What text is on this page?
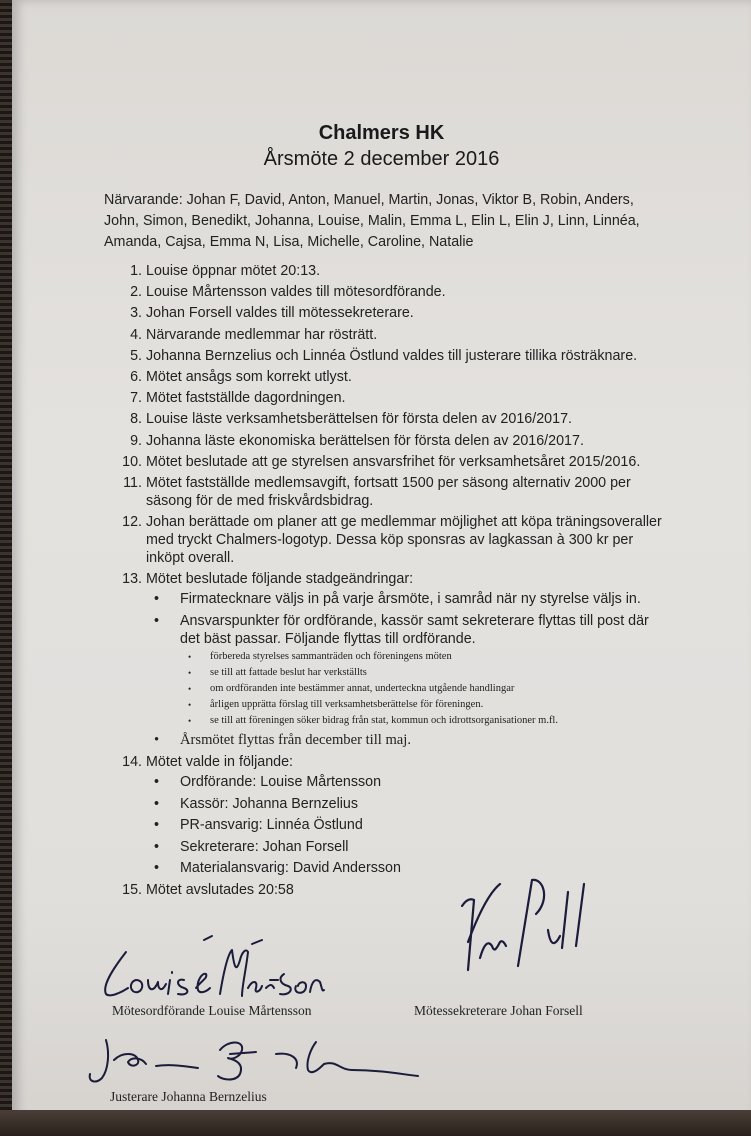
Chalmers HK
Årsmöte 2 december 2016
Närvarande: Johan F, David, Anton, Manuel, Martin, Jonas, Viktor B, Robin, Anders, John, Simon, Benedikt, Johanna, Louise, Malin, Emma L, Elin L, Elin J, Linn, Linnéa, Amanda, Cajsa, Emma N, Lisa, Michelle, Caroline, Natalie
1. Louise öppnar mötet 20:13.
2. Louise Mårtensson valdes till mötesordförande.
3. Johan Forsell valdes till mötessekreterare.
4. Närvarande medlemmar har rösträtt.
5. Johanna Bernzelius och Linnéa Östlund valdes till justerare tillika rösträknare.
6. Mötet ansågs som korrekt utlyst.
7. Mötet fastställde dagordningen.
8. Louise läste verksamhetsberättelsen för första delen av 2016/2017.
9. Johanna läste ekonomiska berättelsen för första delen av 2016/2017.
10. Mötet beslutade att ge styrelsen ansvarsfrihet för verksamhetsåret 2015/2016.
11. Mötet fastställde medlemsavgift, fortsatt 1500 per säsong alternativ 2000 per säsong för de med friskvårdsbidrag.
12. Johan berättade om planer att ge medlemmar möjlighet att köpa träningsoveraller med tryckt Chalmers-logotyp. Dessa köp sponsras av lagkassan à 300 kr per inköpt overall.
13. Mötet beslutade följande stadgeändringar:
• Firmatecknare väljs in på varje årsmöte, i samråd när ny styrelse väljs in.
• Ansvarspunkter för ordförande, kassör samt sekreterare flyttas till post där det bäst passar. Följande flyttas till ordförande.
• förbereda styrelses sammanträden och föreningens möten
• se till att fattade beslut har verkställts
• om ordföranden inte bestämmer annat, underteckna utgående handlingar
• årligen upprätta förslag till verksamhetsberättelse för föreningen.
• se till att föreningen söker bidrag från stat, kommun och idrottsorganisationer m.fl.
• Årsmötet flyttas från december till maj.
14. Mötet valde in följande:
• Ordförande: Louise Mårtensson
• Kassör: Johanna Bernzelius
• PR-ansvarig: Linnéa Östlund
• Sekreterare: Johan Forsell
• Materialansvarig: David Andersson
15. Mötet avslutades 20:58
Mötesordförande Louise Mårtensson	Mötessekreterare Johan Forsell
Justerare Johanna Bernzelius
